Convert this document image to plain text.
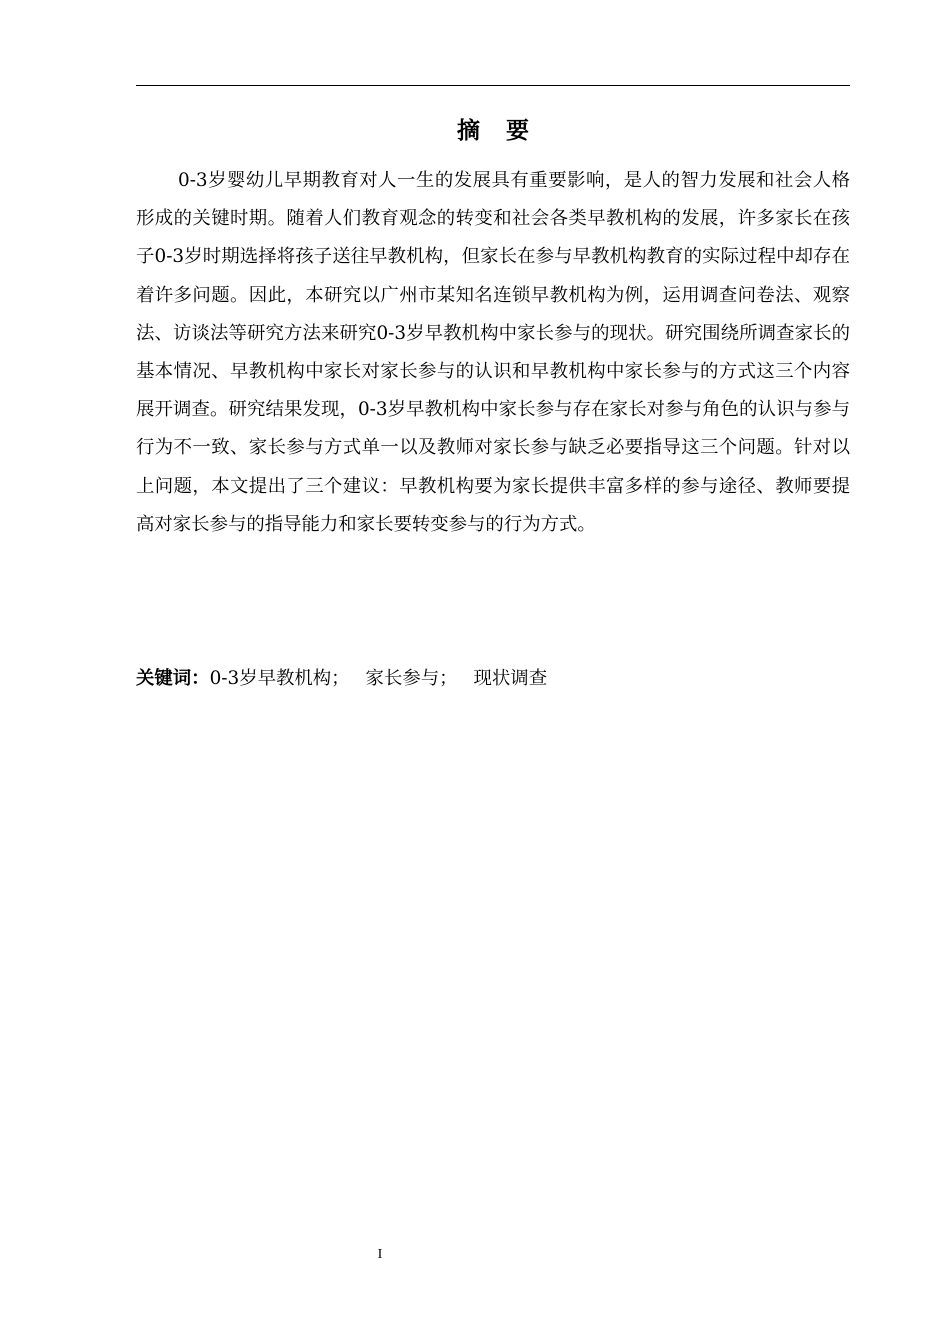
摘 要

0-3岁婴幼儿早期教育对人一生的发展具有重要影响，是人的智力发展和社会人格形成的关键时期。随着人们教育观念的转变和社会各类早教机构的发展，许多家长在孩子0-3岁时期选择将孩子送往早教机构，但家长在参与早教机构教育的实际过程中却存在着许多问题。因此，本研究以广州市某知名连锁早教机构为例，运用调查问卷法、观察法、访谈法等研究方法来研究0-3岁早教机构中家长参与的现状。研究围绕所调查家长的基本情况、早教机构中家长对家长参与的认识和早教机构中家长参与的方式这三个内容展开调查。研究结果发现，0-3岁早教机构中家长参与存在家长对参与角色的认识与参与行为不一致、家长参与方式单一以及教师对家长参与缺乏必要指导这三个问题。针对以上问题，本文提出了三个建议：早教机构要为家长提供丰富多样的参与途径、教师要提高对家长参与的指导能力和家长要转变参与的行为方式。

关键词：0-3岁早教机构； 家长参与； 现状调查
I
